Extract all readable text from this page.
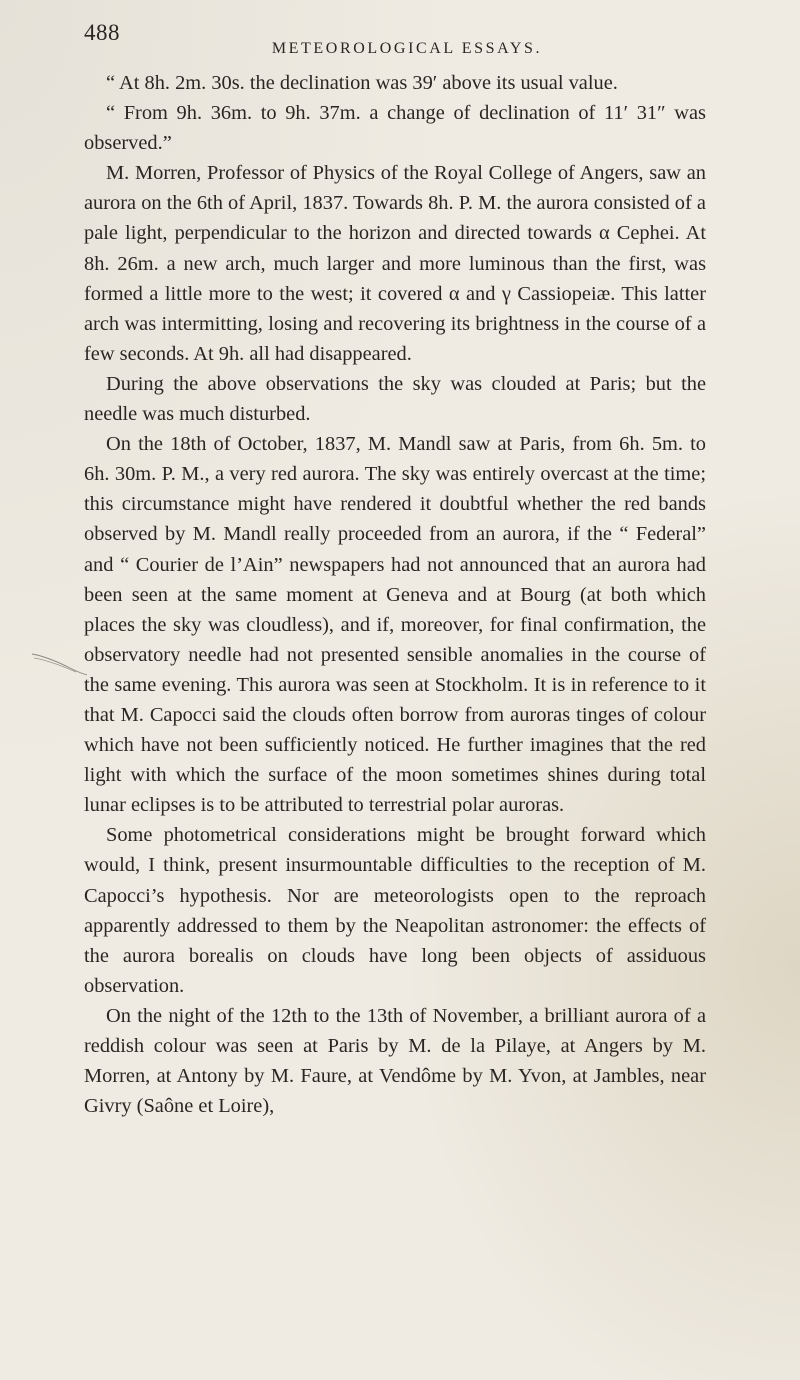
488
METEOROLOGICAL ESSAYS.

“ At 8h. 2m. 30s. the declination was 39′ above its usual value.

“ From 9h. 36m. to 9h. 37m. a change of declination of 11′ 31″ was observed.”

M. Morren, Professor of Physics of the Royal College of Angers, saw an aurora on the 6th of April, 1837. Towards 8h. P. M. the aurora consisted of a pale light, perpendicular to the horizon and directed towards α Cephei. At 8h. 26m. a new arch, much larger and more luminous than the first, was formed a little more to the west; it covered α and γ Cassiopeiæ. This latter arch was intermitting, losing and recovering its brightness in the course of a few seconds. At 9h. all had disappeared.

During the above observations the sky was clouded at Paris; but the needle was much disturbed.

On the 18th of October, 1837, M. Mandl saw at Paris, from 6h. 5m. to 6h. 30m. P. M., a very red aurora. The sky was entirely overcast at the time; this circumstance might have rendered it doubtful whether the red bands observed by M. Mandl really proceeded from an aurora, if the “ Federal” and “ Courier de l’Ain” newspapers had not announced that an aurora had been seen at the same moment at Geneva and at Bourg (at both which places the sky was cloudless), and if, moreover, for final confirmation, the observatory needle had not presented sensible anomalies in the course of the same evening. This aurora was seen at Stockholm. It is in reference to it that M. Capocci said the clouds often borrow from auroras tinges of colour which have not been sufficiently noticed. He further imagines that the red light with which the surface of the moon sometimes shines during total lunar eclipses is to be attributed to terrestrial polar auroras.

Some photometrical considerations might be brought forward which would, I think, present insurmountable difficulties to the reception of M. Capocci’s hypothesis. Nor are meteorologists open to the reproach apparently addressed to them by the Neapolitan astronomer: the effects of the aurora borealis on clouds have long been objects of assiduous observation.

On the night of the 12th to the 13th of November, a brilliant aurora of a reddish colour was seen at Paris by M. de la Pilaye, at Angers by M. Morren, at Antony by M. Faure, at Vendôme by M. Yvon, at Jambles, near Givry (Saône et Loire),
